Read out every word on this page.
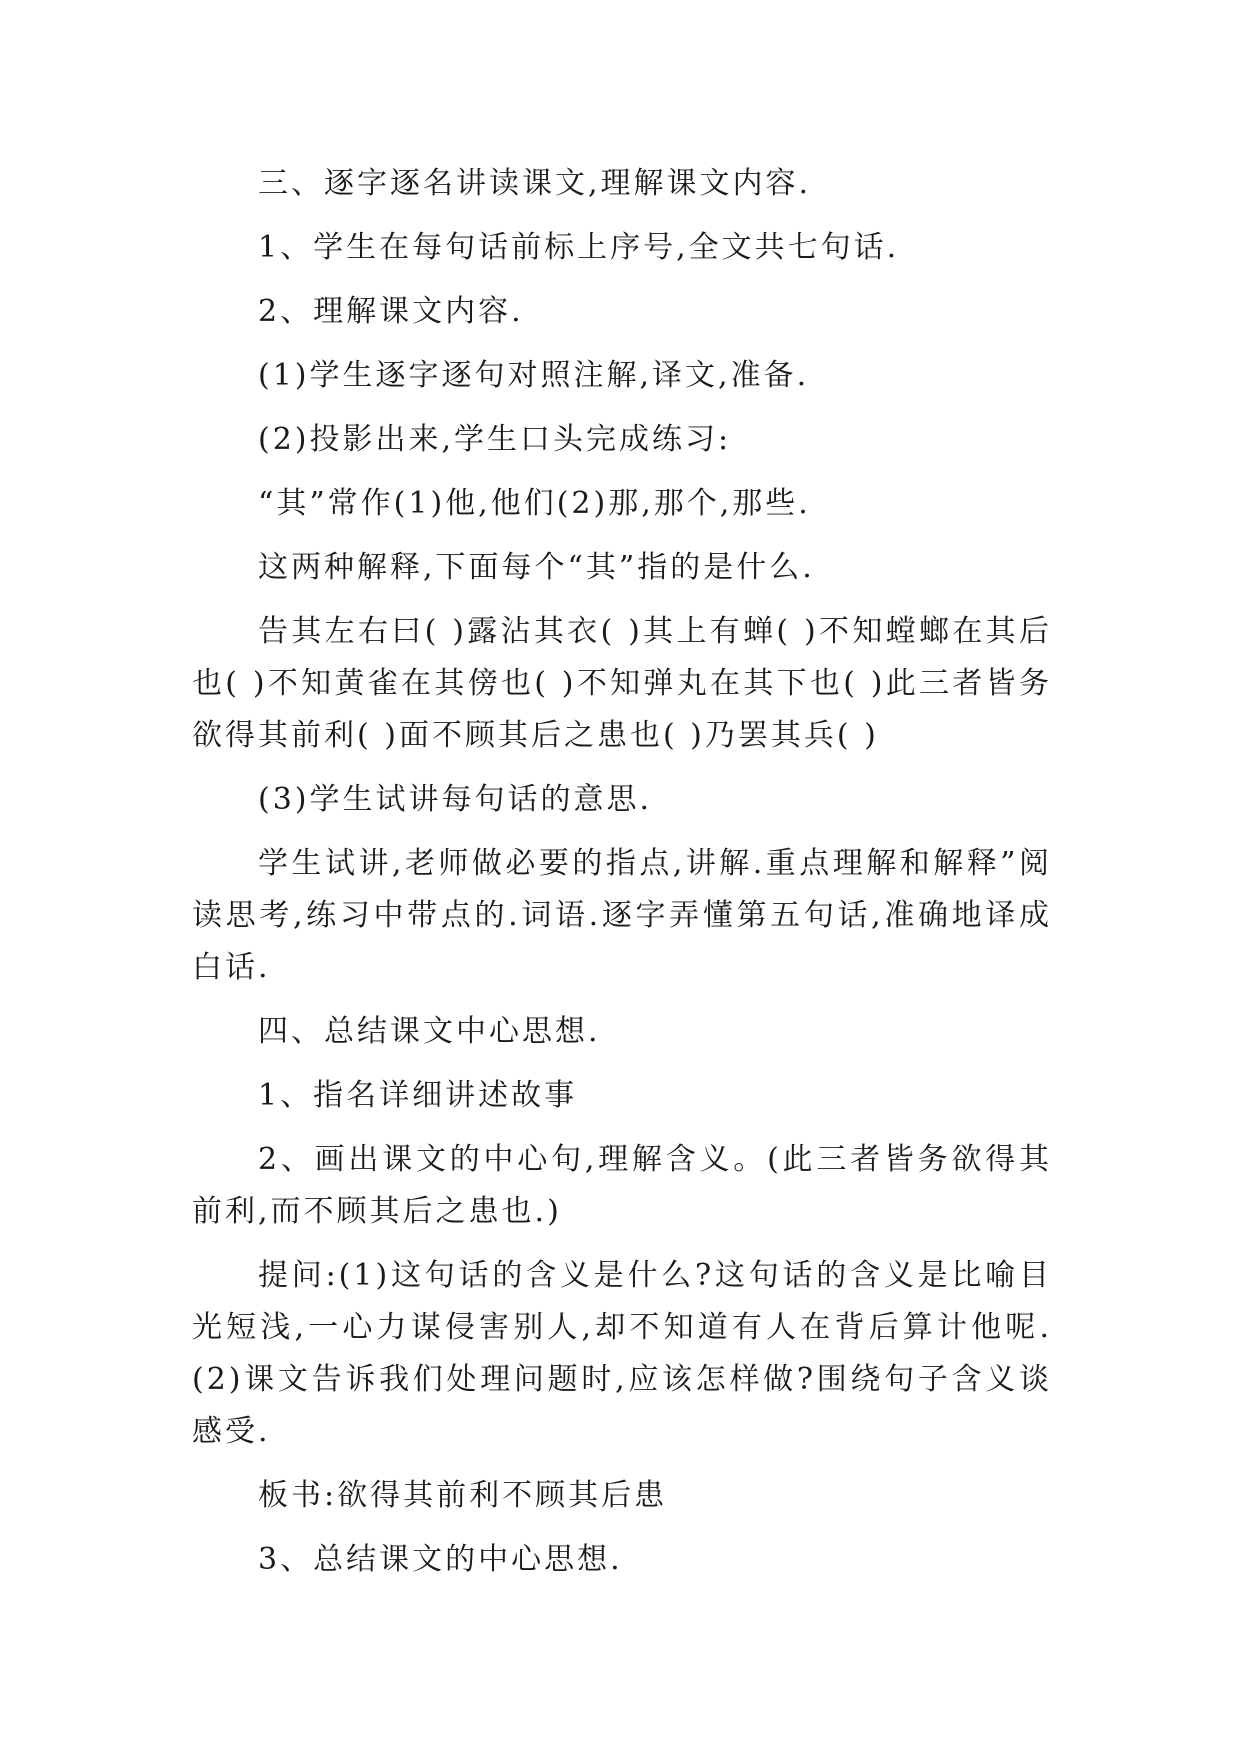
三、逐字逐名讲读课文,理解课文内容.

1、学生在每句话前标上序号,全文共七句话.

2、理解课文内容.

(1)学生逐字逐句对照注解,译文,准备.

(2)投影出来,学生口头完成练习:

“其”常作(1)他,他们(2)那,那个,那些.

这两种解释,下面每个“其”指的是什么.

告其左右曰( )露沾其衣( )其上有蝉( )不知螳螂在其后也( )不知黄雀在其傍也( )不知弹丸在其下也( )此三者皆务欲得其前利( )面不顾其后之患也( )乃罢其兵( )

(3)学生试讲每句话的意思.

学生试讲,老师做必要的指点,讲解.重点理解和解释”阅读思考,练习中带点的.词语.逐字弄懂第五句话,准确地译成白话.

四、总结课文中心思想.

1、指名详细讲述故事

2、画出课文的中心句,理解含义。(此三者皆务欲得其前利,而不顾其后之患也.)

提问:(1)这句话的含义是什么?这句话的含义是比喻目光短浅,一心力谋侵害别人,却不知道有人在背后算计他呢.(2)课文告诉我们处理问题时,应该怎样做?围绕句子含义谈感受.

板书:欲得其前利不顾其后患

3、总结课文的中心思想.
